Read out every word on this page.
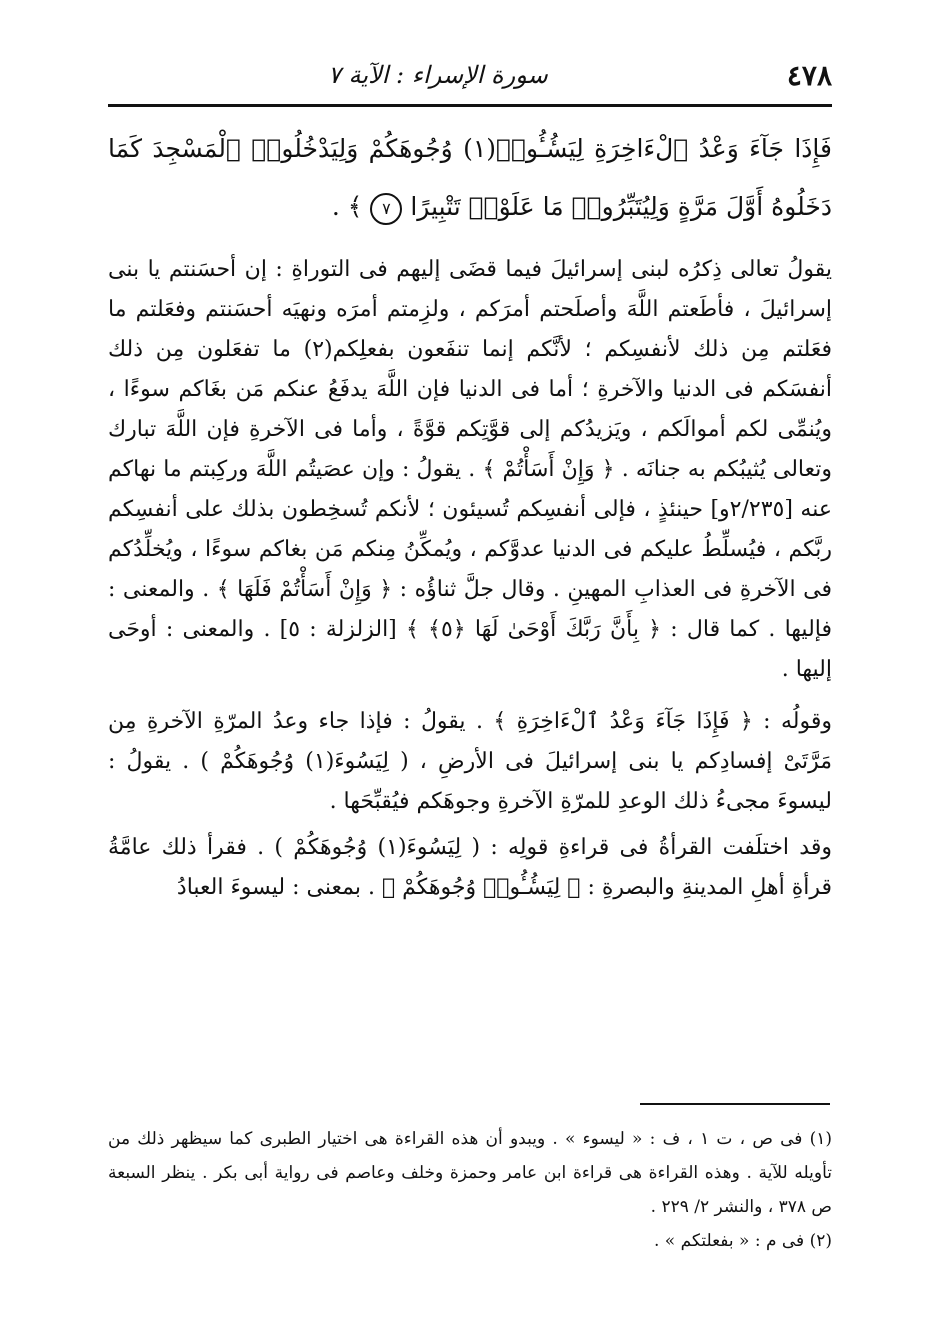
٤٧٨
سورة الإسراء : الآية ٧
فَإِذَا جَآءَ وَعْدُ ٱلْءَاخِرَةِ لِيَسُٔـُٔوا۟(١) وُجُوهَكُمْ وَلِيَدْخُلُوا۟ ٱلْمَسْجِدَ كَمَا دَخَلُوهُ أَوَّلَ مَرَّةٍ وَلِيُتَبِّرُوا۟ مَا عَلَوْا۟ تَتْبِيرًا ٧ ﴾ .

يقولُ تعالى ذِكرُه لبنى إسرائيلَ فيما قضَى إليهم فى التوراةِ : إن أحسَنتم يا بنى إسرائيلَ ، فأطَعتم اللَّهَ وأصلَحتم أمرَكم ، ولزِمتم أمرَه ونهيَه أحسَنتم وفعَلتم ما فعَلتم مِن ذلك لأنفسِكم ؛ لأنَّكم إنما تنفَعون بفعلِكم(٢) ما تفعَلون مِن ذلك أنفسَكم فى الدنيا والآخرةِ ؛ أما فى الدنيا فإن اللَّهَ يدفَعُ عنكم مَن بغَاكم سوءًا ، ويُنمِّى لكم أموالَكم ، ويَزيدُكم إلى قوَّتِكم قوَّةً ، وأما فى الآخرةِ فإن اللَّهَ تبارك وتعالى يُثيبُكم به جنانَه . ﴿ وَإِنْ أَسَأْتُمْ ﴾ . يقولُ : وإن عصَيتُم اللَّهَ وركِبتم ما نهاكم عنه [٢/٢٣٥و] حينئذٍ ، فإلى أنفسِكم تُسيئون ؛ لأنكم تُسخِطون بذلك على أنفسِكم ربَّكم ، فيُسلِّطُ عليكم فى الدنيا عدوَّكم ، ويُمكِّنُ مِنكم مَن بغاكم سوءًا ، ويُخلِّدُكم فى الآخرةِ فى العذابِ المهينِ . وقال جلَّ ثناؤُه : ﴿ وَإِنْ أَسَأْتُمْ فَلَهَا ﴾ . والمعنى : فإليها . كما قال : ﴿ بِأَنَّ رَبَّكَ أَوْحَىٰ لَهَا ﴿٥﴾ ﴾ [الزلزلة : ٥] . والمعنى : أوحَى إليها .

وقولُه : ﴿ فَإِذَا جَآءَ وَعْدُ ٱلْءَاخِرَةِ ﴾ . يقولُ : فإذا جاء وعدُ المرّةِ الآخرةِ مِن مَرَّتَىْ إفسادِكم يا بنى إسرائيلَ فى الأرضِ ، ( لِيَسُوءَ(١) وُجُوهَكُمْ ) . يقولُ : ليسوءَ مجىءُ ذلك الوعدِ للمرّةِ الآخرةِ وجوهَكم فيُقبِّحَها .

وقد اختلَفت القرأةُ فى قراءةِ قولِه : ( لِيَسُوءَ(١) وُجُوهَكُمْ ) . فقرأ ذلك عامَّةُ قرأةِ أهلِ المدينةِ والبصرةِ : ﴿ لِيَسُٔـُٔوا۟ وُجُوهَكُمْ ﴾ . بمعنى : ليسوءَ العبادُ

(١) فى ص ، ت ١ ، ف : « ليسوء » . ويبدو أن هذه القراءة هى اختيار الطبرى كما سيظهر ذلك من تأويله للآية . وهذه القراءة هى قراءة ابن عامر وحمزة وخلف وعاصم فى رواية أبى بكر . ينظر السبعة ص ٣٧٨ ، والنشر ٢/ ٢٢٩ .

(٢) فى م : « بفعلتكم » .
